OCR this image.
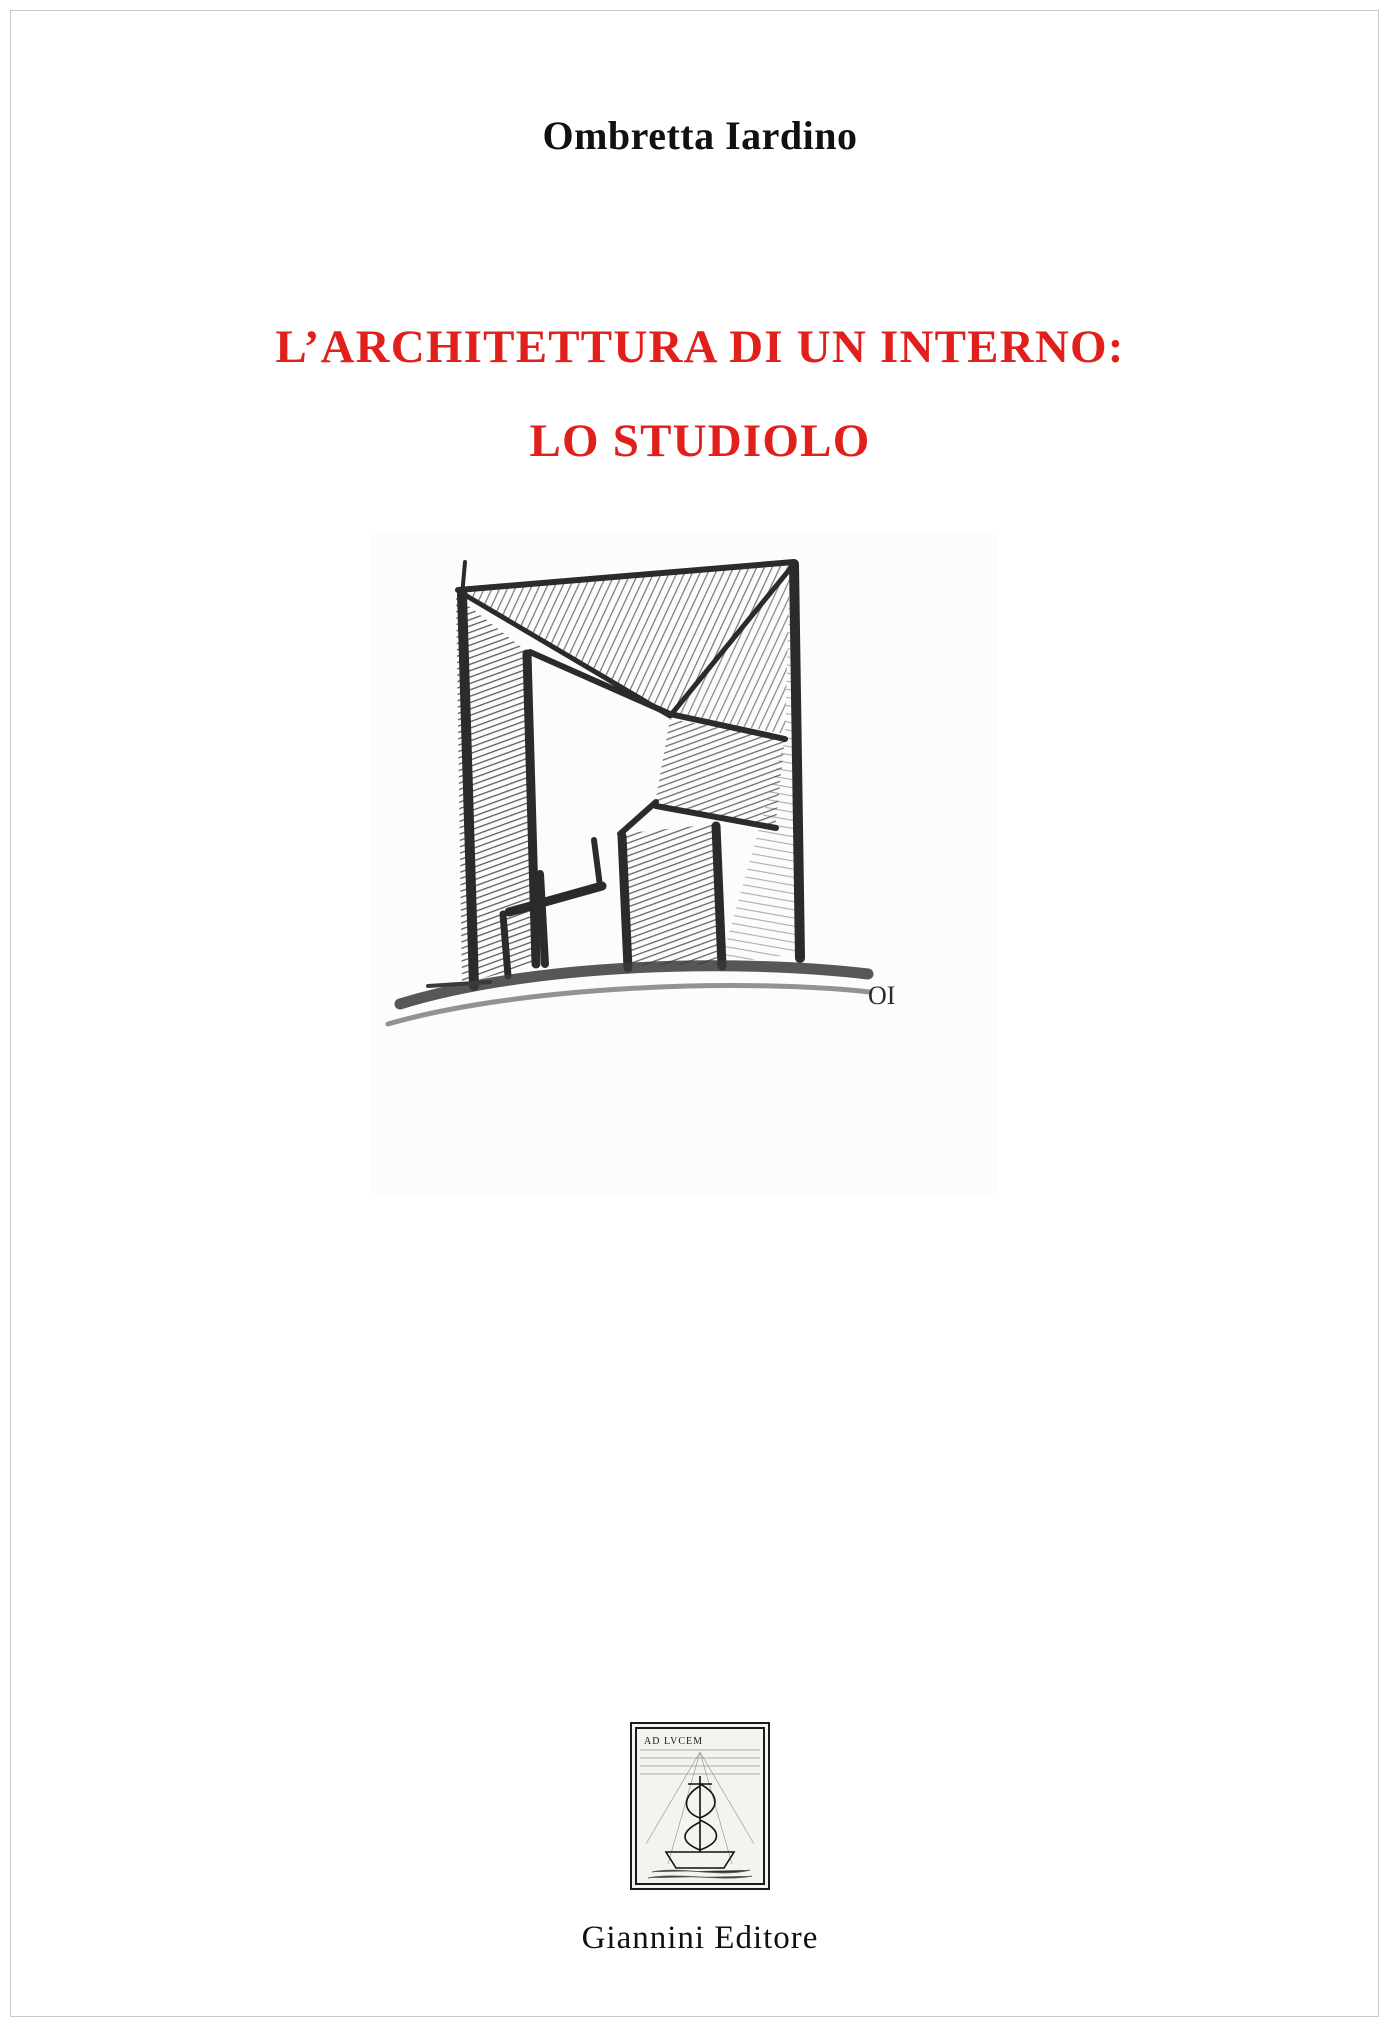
Ombretta Iardino
L’ARCHITETTURA DI UN INTERNO:
LO STUDIOLO
OI
AD LVCEM
Giannini Editore
